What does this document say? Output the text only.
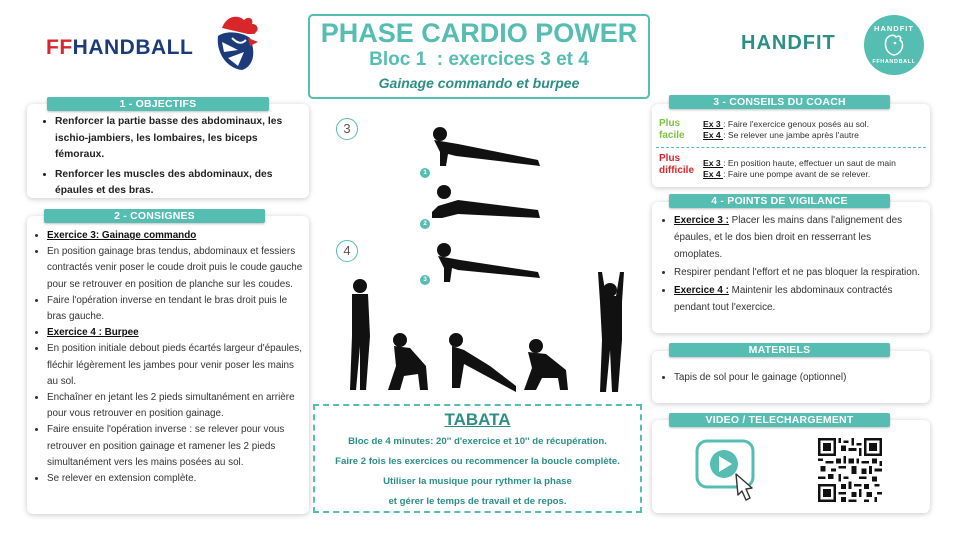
FFHANDBALL	HANDFIT
HANDFIT
FFHANDBALL
PHASE CARDIO POWER
Bloc 1  : exercices 3 et 4
Gainage commando et burpee
• Renforcer la partie basse des abdominaux, les ischio-jambiers, les lombaires, les biceps fémoraux.
• Renforcer les muscles des abdominaux, des épaules et des bras.
1 - OBJECTIFS
• Exercice 3: Gainage commando
• En position gainage bras tendus, abdominaux et fessiers contractés venir poser le coude droit puis le coude gauche pour se retrouver en position de planche sur les coudes.
• Faire l'opération inverse en tendant le bras droit puis le bras gauche.
• Exercice 4 : Burpee
• En position initiale debout pieds écartés largeur d'épaules, fléchir légèrement les jambes pour venir poser les mains au sol.
• Enchaîner en jetant les 2 pieds simultanément en arrière pour vous retrouver en position gainage.
• Faire ensuite l'opération inverse : se relever pour vous retrouver en position gainage et ramener les 2 pieds simultanément vers les mains posées au sol.
• Se relever en extension complète.
2 - CONSIGNES
3
4
1
2
3
TABATA
Bloc de 4 minutes: 20'' d'exercice et 10'' de récupération.
Faire 2 fois les exercices ou recommencer la boucle complète.
Utiliser la musique pour rythmer la phase
et gérer le temps de travail et de repos.
Plus
facile
Ex 3 : Faire l'exercice genoux posés au sol.
Ex 4 : Se relever une jambe après l'autre
Plus
difficile
Ex 3 : En position haute, effectuer un saut de main
Ex 4 : Faire une pompe avant de se relever.
3 - CONSEILS DU COACH
• Exercice 3 : Placer les mains dans l'alignement des épaules, et le dos bien droit en resserrant les omoplates.
• Respirer pendant l'effort et ne pas bloquer la respiration.
• Exercice 4 : Maintenir les abdominaux contractés pendant tout l'exercice.
4 - POINTS DE VIGILANCE
• Tapis de sol pour le gainage (optionnel)
MATERIELS
VIDEO / TELECHARGEMENT
